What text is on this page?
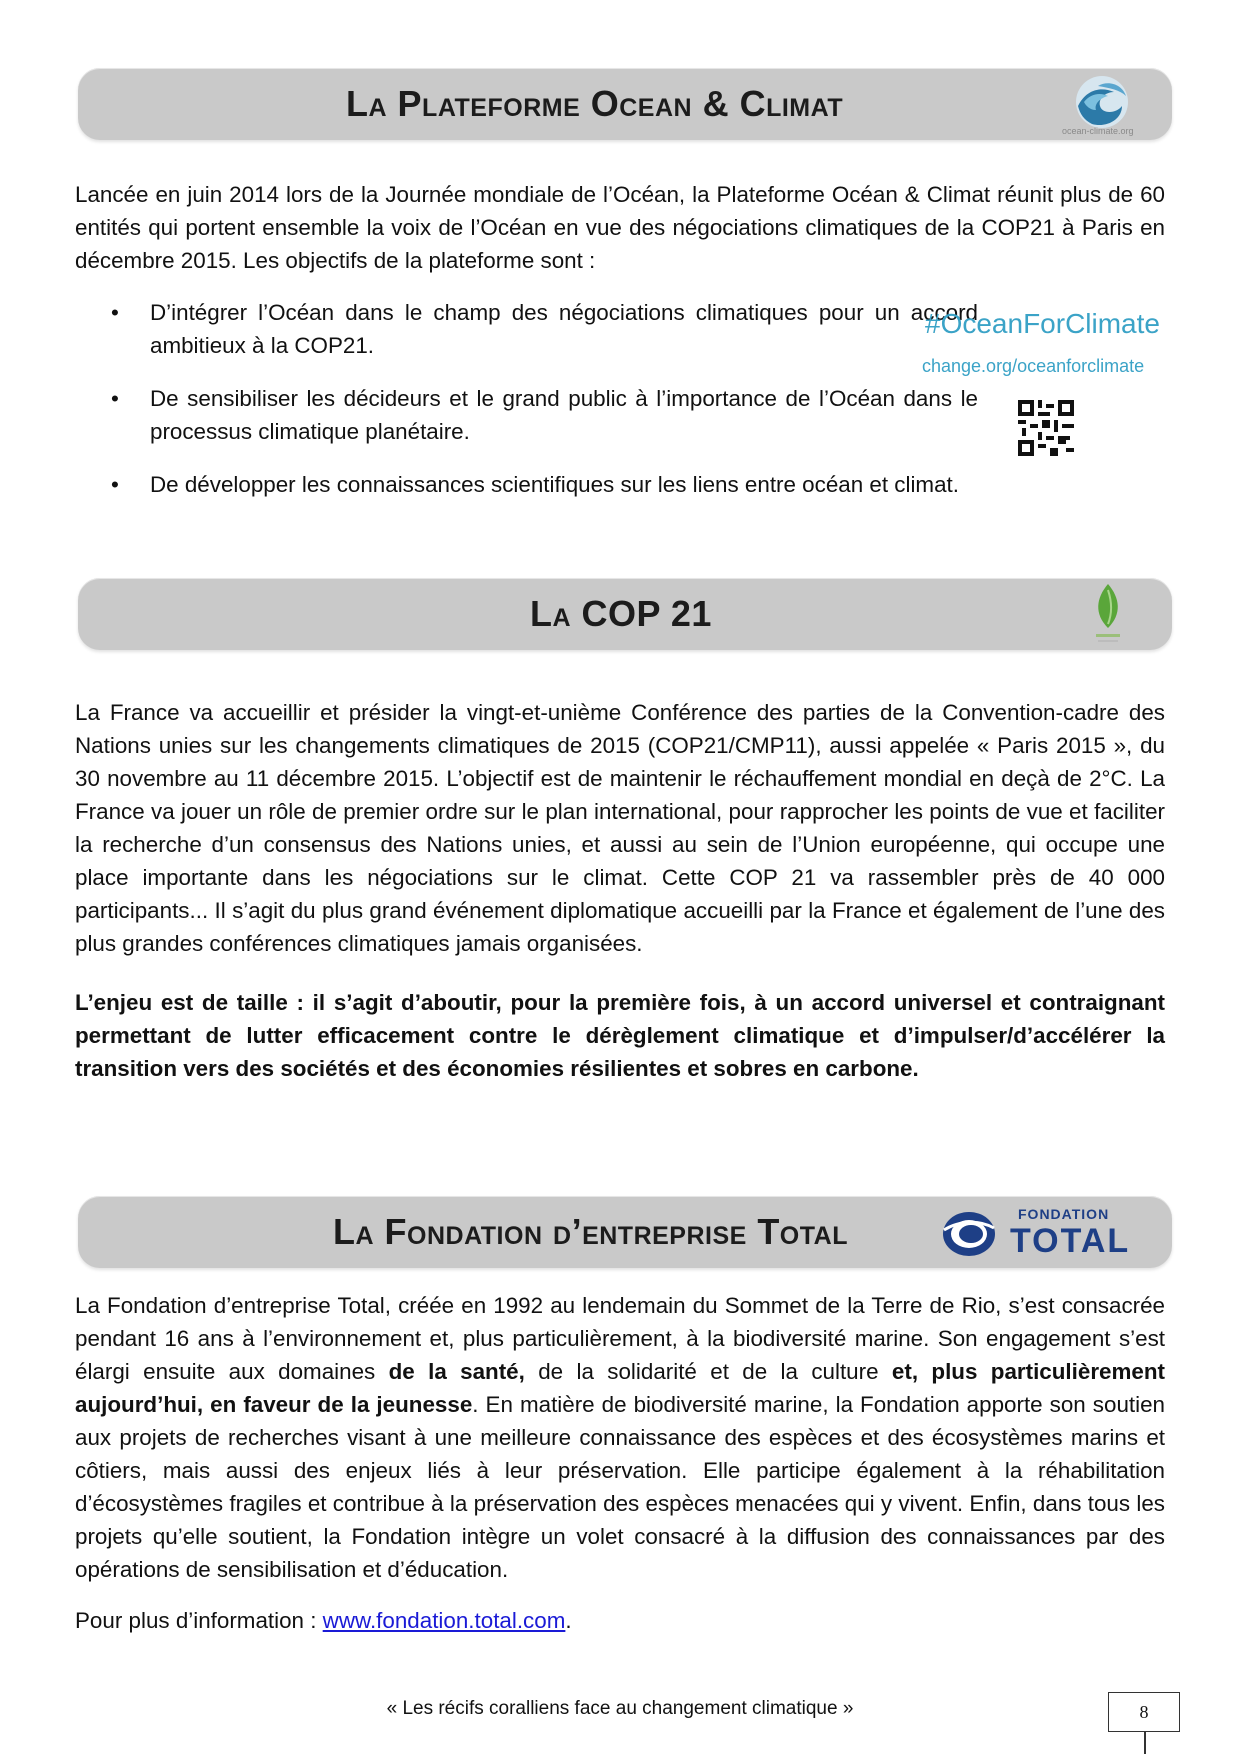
La Plateforme Ocean & Climat
ocean-climate.org
Lancée en juin 2014 lors de la Journée mondiale de l’Océan, la Plateforme Océan & Climat réunit plus de 60 entités qui portent ensemble la voix de l’Océan en vue des négociations climatiques de la COP21 à Paris en décembre 2015. Les objectifs de la plateforme sont :
• D’intégrer l’Océan dans le champ des négociations climatiques pour un accord ambitieux à la COP21.
• De sensibiliser les décideurs et le grand public à l’importance de l’Océan dans le processus climatique planétaire.
• De développer les connaissances scientifiques sur les liens entre océan et climat.
#OceanForClimate
change.org/oceanforclimate
La COP 21
La France va accueillir et présider la vingt-et-unième Conférence des parties de la Convention-cadre des Nations unies sur les changements climatiques de 2015 (COP21/CMP11), aussi appelée « Paris 2015 », du 30 novembre au 11 décembre 2015. L’objectif est de maintenir le réchauffement mondial en deçà de 2°C. La France va jouer un rôle de premier ordre sur le plan international, pour rapprocher les points de vue et faciliter la recherche d’un consensus des Nations unies, et aussi au sein de l’Union européenne, qui occupe une place importante dans les négociations sur le climat. Cette COP 21 va rassembler près de 40 000 participants... Il s’agit du plus grand événement diplomatique accueilli par la France et également de l’une des plus grandes conférences climatiques jamais organisées.
L’enjeu est de taille : il s’agit d’aboutir, pour la première fois, à un accord universel et contraignant permettant de lutter efficacement contre le dérèglement climatique et d’impulser/d’accélérer la transition vers des sociétés et des économies résilientes et sobres en carbone.
La Fondation d’entreprise Total	FONDATION
TOTAL
La Fondation d’entreprise Total, créée en 1992 au lendemain du Sommet de la Terre de Rio, s’est consacrée pendant 16 ans à l’environnement et, plus particulièrement, à la biodiversité marine. Son engagement s’est élargi ensuite aux domaines de la santé, de la solidarité et de la culture et, plus particulièrement aujourd’hui, en faveur de la jeunesse. En matière de biodiversité marine, la Fondation apporte son soutien aux projets de recherches visant à une meilleure connaissance des espèces et des écosystèmes marins et côtiers, mais aussi des enjeux liés à leur préservation. Elle participe également à la réhabilitation d’écosystèmes fragiles et contribue à la préservation des espèces menacées qui y vivent. Enfin, dans tous les projets qu’elle soutient, la Fondation intègre un volet consacré à la diffusion des connaissances par des opérations de sensibilisation et d’éducation.
Pour plus d’information : www.fondation.total.com.
« Les récifs coralliens face au changement climatique »	8
